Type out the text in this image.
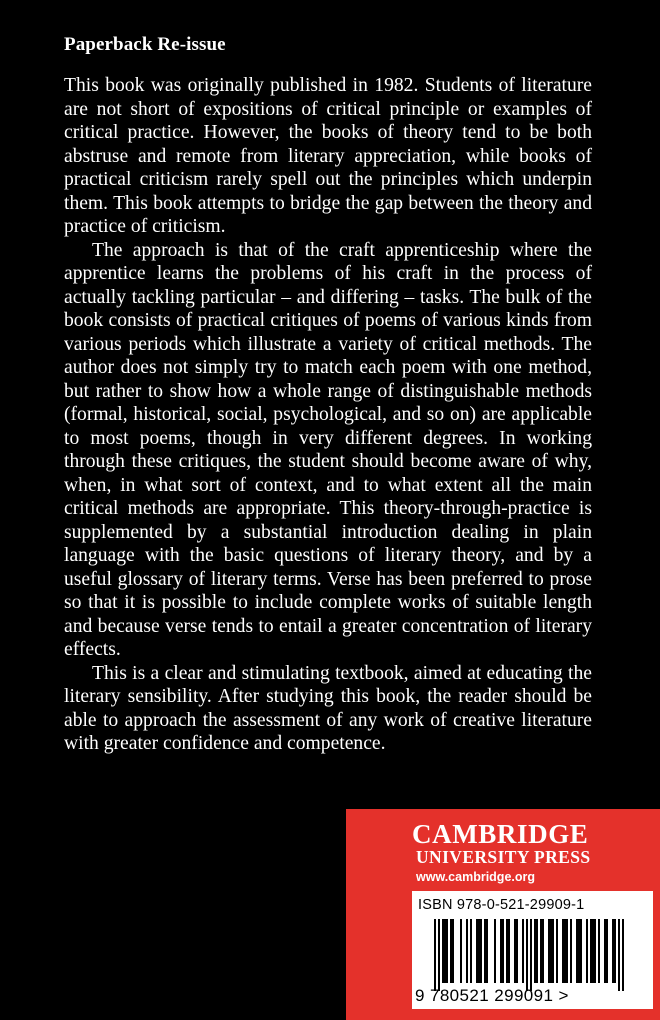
Paperback Re-issue

This book was originally published in 1982. Students of literature are not short of expositions of critical principle or examples of critical practice. However, the books of theory tend to be both abstruse and remote from literary appreciation, while books of practical criticism rarely spell out the principles which underpin them. This book attempts to bridge the gap between the theory and practice of criticism.

The approach is that of the craft apprenticeship where the apprentice learns the problems of his craft in the process of actually tackling particular – and differing – tasks. The bulk of the book consists of practical critiques of poems of various kinds from various periods which illustrate a variety of critical methods. The author does not simply try to match each poem with one method, but rather to show how a whole range of distinguishable methods (formal, historical, social, psychological, and so on) are applicable to most poems, though in very different degrees. In working through these critiques, the student should become aware of why, when, in what sort of context, and to what extent all the main critical methods are appropriate. This theory-through-practice is supplemented by a substantial introduction dealing in plain language with the basic questions of literary theory, and by a useful glossary of literary terms. Verse has been preferred to prose so that it is possible to include complete works of suitable length and because verse tends to entail a greater concentration of literary effects.

This is a clear and stimulating textbook, aimed at educating the literary sensibility. After studying this book, the reader should be able to approach the assessment of any work of creative literature with greater confidence and competence.

CAMBRIDGE
UNIVERSITY PRESS
www.cambridge.org
ISBN 978-0-521-29909-1
9 780521 299091 >
